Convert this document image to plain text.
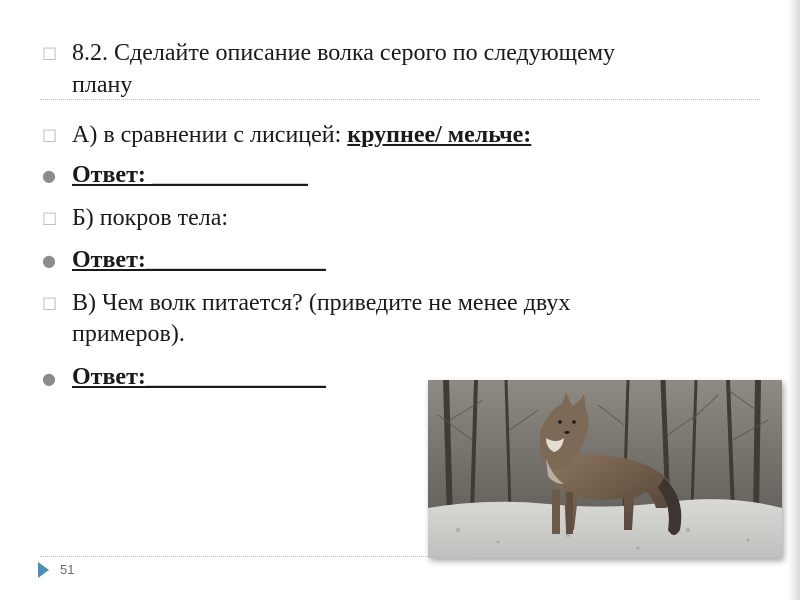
□ 8.2. Сделайте описание волка серого по следующему
плану
□ А) в сравнении с лисицей: крупнее/ мельче:
● Ответ: _____________
□ Б) покров тела:
● Ответ:_______________
□ В) Чем волк питается? (приведите не менее двух
примеров).
● Ответ:_______________
51
